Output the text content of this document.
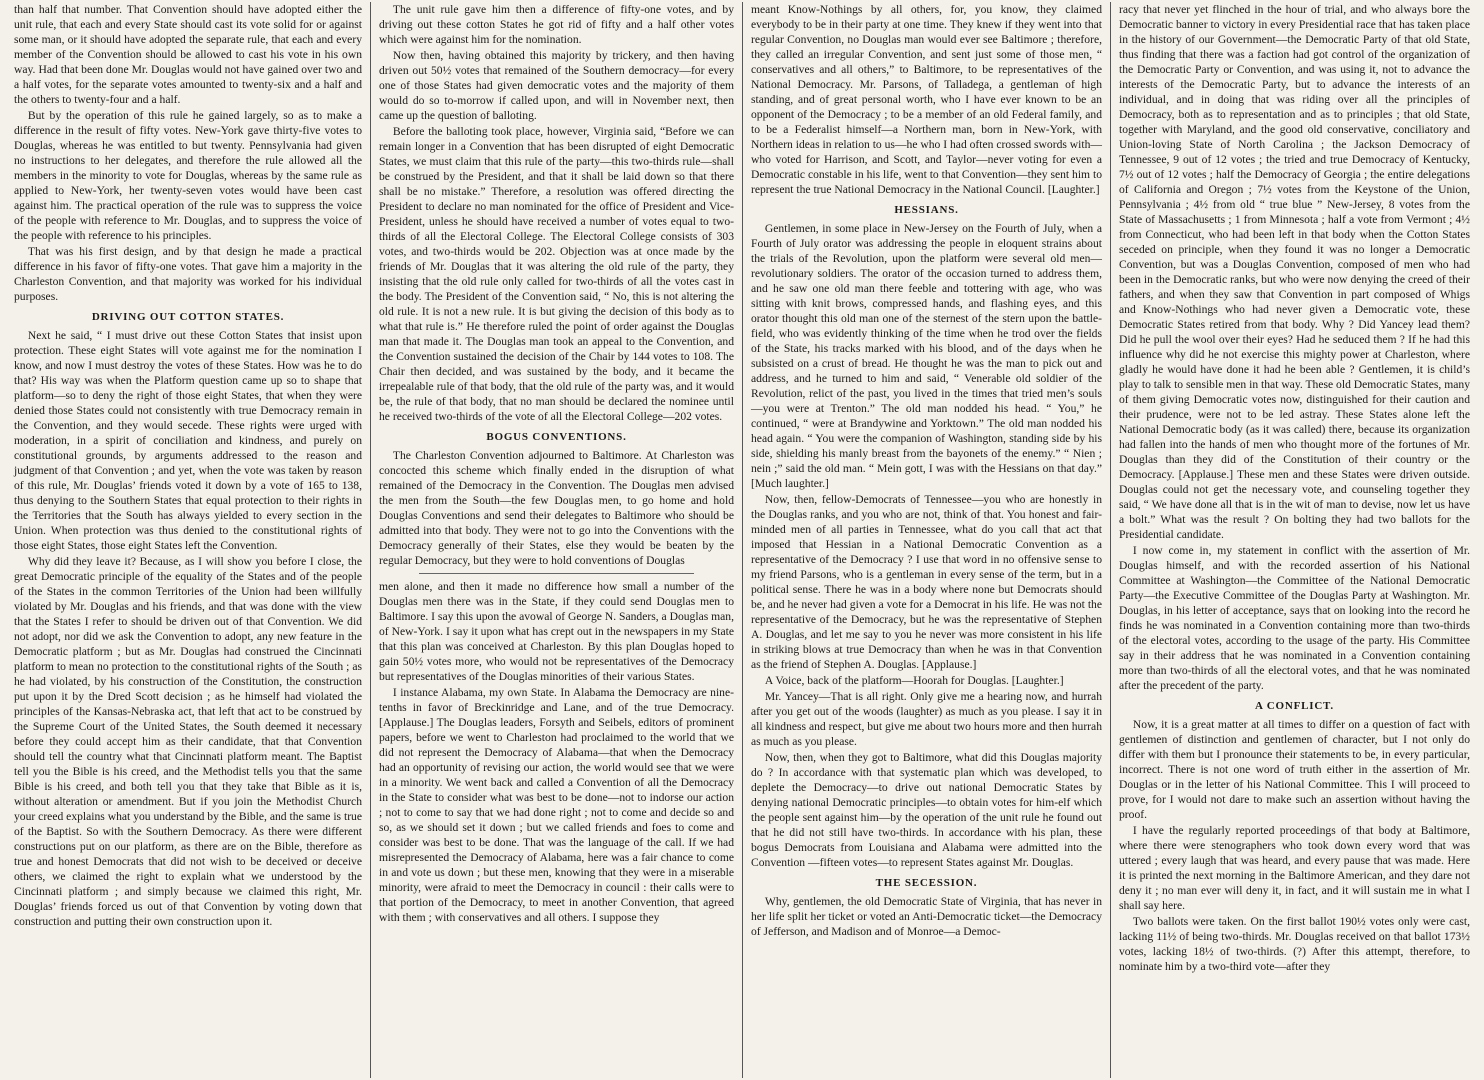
than half that number. That Convention should have adopted either the unit rule, that each and every State should cast its vote solid for or against some man, or it should have adopted the separate rule, that each and every member of the Convention should be allowed to cast his vote in his own way. Had that been done Mr. Douglas would not have gained over two and a half votes, for the separate votes amounted to twenty-six and a half and the others to twenty-four and a half.

But by the operation of this rule he gained largely, so as to make a difference in the result of fifty votes. New-York gave thirty-five votes to Douglas, whereas he was entitled to but twenty. Pennsylvania had given no instructions to her delegates, and therefore the rule allowed all the members in the minority to vote for Douglas, whereas by the same rule as applied to New-York, her twenty-seven votes would have been cast against him. The practical operation of the rule was to suppress the voice of the people with reference to Mr. Douglas, and to suppress the voice of the people with reference to his principles.

That was his first design, and by that design he made a practical difference in his favor of fifty-one votes. That gave him a majority in the Charleston Convention, and that majority was worked for his individual purposes.

DRIVING OUT COTTON STATES.

Next he said, “ I must drive out these Cotton States that insist upon protection. These eight States will vote against me for the nomination I know, and now I must destroy the votes of these States. How was he to do that? His way was when the Platform question came up so to shape that platform—so to deny the right of those eight States, that when they were denied those States could not consistently with true Democracy remain in the Convention, and they would secede. These rights were urged with moderation, in a spirit of conciliation and kindness, and purely on constitutional grounds, by arguments addressed to the reason and judgment of that Convention ; and yet, when the vote was taken by reason of this rule, Mr. Douglas’ friends voted it down by a vote of 165 to 138, thus denying to the Southern States that equal protection to their rights in the Territories that the South has always yielded to every section in the Union. When protection was thus denied to the constitutional rights of those eight States, those eight States left the Convention.

Why did they leave it? Because, as I will show you before I close, the great Democratic principle of the equality of the States and of the people of the States in the common Territories of the Union had been willfully violated by Mr. Douglas and his friends, and that was done with the view that the States I refer to should be driven out of that Convention. We did not adopt, nor did we ask the Convention to adopt, any new feature in the Democratic platform ; but as Mr. Douglas had construed the Cincinnati platform to mean no protection to the constitutional rights of the South ; as he had violated, by his construction of the Constitution, the construction put upon it by the Dred Scott decision ; as he himself had violated the principles of the Kansas-Nebraska act, that left that act to be construed by the Supreme Court of the United States, the South deemed it necessary before they could accept him as their candidate, that that Convention should tell the country what that Cincinnati platform meant. The Baptist tell you the Bible is his creed, and the Methodist tells you that the same Bible is his creed, and both tell you that they take that Bible as it is, without alteration or amendment. But if you join the Methodist Church your creed explains what you understand by the Bible, and the same is true of the Baptist. So with the Southern Democracy. As there were different constructions put on our platform, as there are on the Bible, therefore as true and honest Democrats that did not wish to be deceived or deceive others, we claimed the right to explain what we understood by the Cincinnati platform ; and simply because we claimed this right, Mr. Douglas’ friends forced us out of that Convention by voting down that construction and putting their own construction upon it.

The unit rule gave him then a difference of fifty-one votes, and by driving out these cotton States he got rid of fifty and a half other votes which were against him for the nomination.

Now then, having obtained this majority by trickery, and then having driven out 50½ votes that remained of the Southern democracy—for every one of those States had given democratic votes and the majority of them would do so to-morrow if called upon, and will in November next, then came up the question of balloting.

Before the balloting took place, however, Virginia said, “Before we can remain longer in a Convention that has been disrupted of eight Democratic States, we must claim that this rule of the party—this two-thirds rule—shall be construed by the President, and that it shall be laid down so that there shall be no mistake.” Therefore, a resolution was offered directing the President to declare no man nominated for the office of President and Vice-President, unless he should have received a number of votes equal to two-thirds of all the Electoral College. The Electoral College consists of 303 votes, and two-thirds would be 202. Objection was at once made by the friends of Mr. Douglas that it was altering the old rule of the party, they insisting that the old rule only called for two-thirds of all the votes cast in the body. The President of the Convention said, “ No, this is not altering the old rule. It is not a new rule. It is but giving the decision of this body as to what that rule is.” He therefore ruled the point of order against the Douglas man that made it. The Douglas man took an appeal to the Convention, and the Convention sustained the decision of the Chair by 144 votes to 108. The Chair then decided, and was sustained by the body, and it became the irrepealable rule of that body, that the old rule of the party was, and it would be, the rule of that body, that no man should be declared the nominee until he received two-thirds of the vote of all the Electoral College—202 votes.

BOGUS CONVENTIONS.

The Charleston Convention adjourned to Baltimore. At Charleston was concocted this scheme which finally ended in the disruption of what remained of the Democracy in the Convention. The Douglas men advised the men from the South—the few Douglas men, to go home and hold Douglas Conventions and send their delegates to Baltimore who should be admitted into that body. They were not to go into the Conventions with the Democracy generally of their States, else they would be beaten by the regular Democracy, but they were to hold conventions of Douglas

men alone, and then it made no difference how small a number of the Douglas men there was in the State, if they could send Douglas men to Baltimore. I say this upon the avowal of George N. Sanders, a Douglas man, of New-York. I say it upon what has crept out in the newspapers in my State that this plan was conceived at Charleston. By this plan Douglas hoped to gain 50½ votes more, who would not be representatives of the Democracy but representatives of the Douglas minorities of their various States.

I instance Alabama, my own State. In Alabama the Democracy are nine-tenths in favor of Breckinridge and Lane, and of the true Democracy. [Applause.] The Douglas leaders, Forsyth and Seibels, editors of prominent papers, before we went to Charleston had proclaimed to the world that we did not represent the Democracy of Alabama—that when the Democracy had an opportunity of revising our action, the world would see that we were in a minority. We went back and called a Convention of all the Democracy in the State to consider what was best to be done—not to indorse our action ; not to come to say that we had done right ; not to come and decide so and so, as we should set it down ; but we called friends and foes to come and consider was best to be done. That was the language of the call. If we had misrepresented the Democracy of Alabama, here was a fair chance to come in and vote us down ; but these men, knowing that they were in a miserable minority, were afraid to meet the Democracy in council : their calls were to that portion of the Democracy, to meet in another Convention, that agreed with them ; with conservatives and all others. I suppose they

meant Know-Nothings by all others, for, you know, they claimed everybody to be in their party at one time. They knew if they went into that regular Convention, no Douglas man would ever see Baltimore ; therefore, they called an irregular Convention, and sent just some of those men, “ conservatives and all others,” to Baltimore, to be representatives of the National Democracy. Mr. Parsons, of Talladega, a gentleman of high standing, and of great personal worth, who I have ever known to be an opponent of the Democracy ; to be a member of an old Federal family, and to be a Federalist himself—a Northern man, born in New-York, with Northern ideas in relation to us—he who I had often crossed swords with—who voted for Harrison, and Scott, and Taylor—never voting for even a Democratic constable in his life, went to that Convention—they sent him to represent the true National Democracy in the National Council. [Laughter.]

HESSIANS.

Gentlemen, in some place in New-Jersey on the Fourth of July, when a Fourth of July orator was addressing the people in eloquent strains about the trials of the Revolution, upon the platform were several old men—revolutionary soldiers. The orator of the occasion turned to address them, and he saw one old man there feeble and tottering with age, who was sitting with knit brows, compressed hands, and flashing eyes, and this orator thought this old man one of the sternest of the stern upon the battle-field, who was evidently thinking of the time when he trod over the fields of the State, his tracks marked with his blood, and of the days when he subsisted on a crust of bread. He thought he was the man to pick out and address, and he turned to him and said, “ Venerable old soldier of the Revolution, relict of the past, you lived in the times that tried men’s souls—you were at Trenton.” The old man nodded his head. “ You,” he continued, “ were at Brandywine and Yorktown.” The old man nodded his head again. “ You were the companion of Washington, standing side by his side, shielding his manly breast from the bayonets of the enemy.” “ Nien ; nein ;” said the old man. “ Mein gott, I was with the Hessians on that day.” [Much laughter.]

Now, then, fellow-Democrats of Tennessee—you who are honestly in the Douglas ranks, and you who are not, think of that. You honest and fair-minded men of all parties in Tennessee, what do you call that act that imposed that Hessian in a National Democratic Convention as a representative of the Democracy ? I use that word in no offensive sense to my friend Parsons, who is a gentleman in every sense of the term, but in a political sense. There he was in a body where none but Democrats should be, and he never had given a vote for a Democrat in his life. He was not the representative of the Democracy, but he was the representative of Stephen A. Douglas, and let me say to you he never was more consistent in his life in striking blows at true Democracy than when he was in that Convention as the friend of Stephen A. Douglas. [Applause.]

A Voice, back of the platform—Hoorah for Douglas. [Laughter.]

Mr. Yancey—That is all right. Only give me a hearing now, and hurrah after you get out of the woods (laughter) as much as you please. I say it in all kindness and respect, but give me about two hours more and then hurrah as much as you please.

Now, then, when they got to Baltimore, what did this Douglas majority do ? In accordance with that systematic plan which was developed, to deplete the Democracy—to drive out national Democratic States by denying national Democratic principles—to obtain votes for him-elf which the people sent against him—by the operation of the unit rule he found out that he did not still have two-thirds. In accordance with his plan, these bogus Democrats from Louisiana and Alabama were admitted into the Convention —fifteen votes—to represent States against Mr. Douglas.

THE SECESSION.

Why, gentlemen, the old Democratic State of Virginia, that has never in her life split her ticket or voted an Anti-Democratic ticket—the Democracy of Jefferson, and Madison and of Monroe—a Democ-

racy that never yet flinched in the hour of trial, and who always bore the Democratic banner to victory in every Presidential race that has taken place in the history of our Government—the Democratic Party of that old State, thus finding that there was a faction had got control of the organization of the Democratic Party or Convention, and was using it, not to advance the interests of the Democratic Party, but to advance the interests of an individual, and in doing that was riding over all the principles of Democracy, both as to representation and as to principles ; that old State, together with Maryland, and the good old conservative, conciliatory and Union-loving State of North Carolina ; the Jackson Democracy of Tennessee, 9 out of 12 votes ; the tried and true Democracy of Kentucky, 7½ out of 12 votes ; half the Democracy of Georgia ; the entire delegations of California and Oregon ; 7½ votes from the Keystone of the Union, Pennsylvania ; 4½ from old “ true blue ” New-Jersey, 8 votes from the State of Massachusetts ; 1 from Minnesota ; half a vote from Vermont ; 4½ from Connecticut, who had been left in that body when the Cotton States seceded on principle, when they found it was no longer a Democratic Convention, but was a Douglas Convention, composed of men who had been in the Democratic ranks, but who were now denying the creed of their fathers, and when they saw that Convention in part composed of Whigs and Know-Nothings who had never given a Democratic vote, these Democratic States retired from that body. Why ? Did Yancey lead them? Did he pull the wool over their eyes? Had he seduced them ? If he had this influence why did he not exercise this mighty power at Charleston, where gladly he would have done it had he been able ? Gentlemen, it is child’s play to talk to sensible men in that way. These old Democratic States, many of them giving Democratic votes now, distinguished for their caution and their prudence, were not to be led astray. These States alone left the National Democratic body (as it was called) there, because its organization had fallen into the hands of men who thought more of the fortunes of Mr. Douglas than they did of the Constitution of their country or the Democracy. [Applause.] These men and these States were driven outside. Douglas could not get the necessary vote, and counseling together they said, “ We have done all that is in the wit of man to devise, now let us have a bolt.” What was the result ? On bolting they had two ballots for the Presidential candidate.

I now come in, my statement in conflict with the assertion of Mr. Douglas himself, and with the recorded assertion of his National Committee at Washington—the Committee of the National Democratic Party—the Executive Committee of the Douglas Party at Washington. Mr. Douglas, in his letter of acceptance, says that on looking into the record he finds he was nominated in a Convention containing more than two-thirds of the electoral votes, according to the usage of the party. His Committee say in their address that he was nominated in a Convention containing more than two-thirds of all the electoral votes, and that he was nominated after the precedent of the party.

A CONFLICT.

Now, it is a great matter at all times to differ on a question of fact with gentlemen of distinction and gentlemen of character, but I not only do differ with them but I pronounce their statements to be, in every particular, incorrect. There is not one word of truth either in the assertion of Mr. Douglas or in the letter of his National Committee. This I will proceed to prove, for I would not dare to make such an assertion without having the proof.

I have the regularly reported proceedings of that body at Baltimore, where there were stenographers who took down every word that was uttered ; every laugh that was heard, and every pause that was made. Here it is printed the next morning in the Baltimore American, and they dare not deny it ; no man ever will deny it, in fact, and it will sustain me in what I shall say here.

Two ballots were taken. On the first ballot 190½ votes only were cast, lacking 11½ of being two-thirds. Mr. Douglas received on that ballot 173½ votes, lacking 18½ of two-thirds. (?) After this attempt, therefore, to nominate him by a two-third vote—after they
